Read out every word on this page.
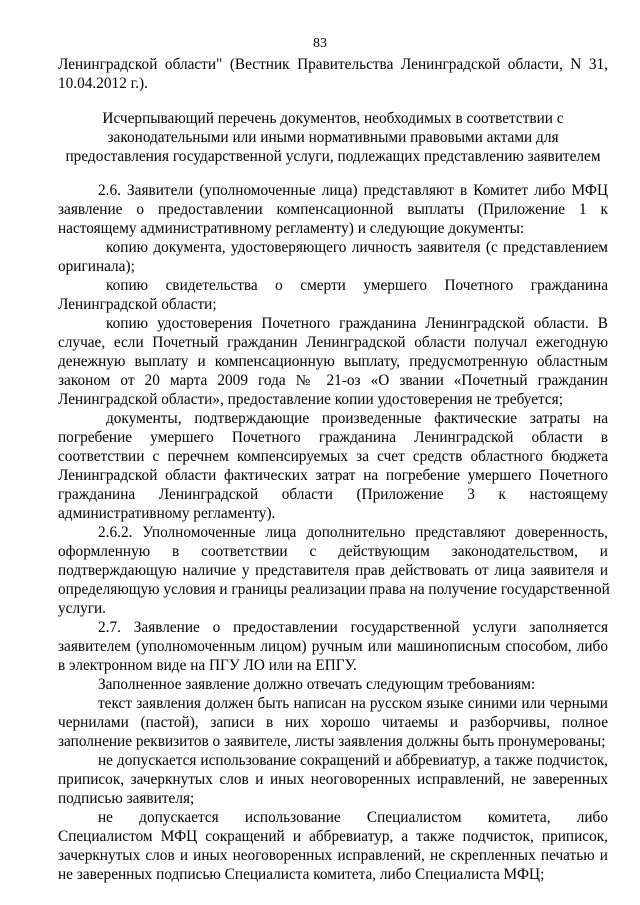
83
Ленинградской области" (Вестник Правительства Ленинградской области, N 31,
10.04.2012 г.).
Исчерпывающий перечень документов, необходимых в соответствии с
законодательными или иными нормативными правовыми актами для
предоставления государственной услуги, подлежащих представлению заявителем
2.6. Заявители (уполномоченные лица) представляют в Комитет либо МФЦ
заявление о предоставлении компенсационной выплаты (Приложение 1 к
настоящему административному регламенту) и следующие документы:
копию документа, удостоверяющего личность заявителя (с представлением
оригинала);
копию свидетельства о смерти умершего Почетного гражданина
Ленинградской области;
копию удостоверения Почетного гражданина Ленинградской области. В
случае, если Почетный гражданин Ленинградской области получал ежегодную
денежную выплату и компенсационную выплату, предусмотренную областным
законом от 20 марта 2009 года № 21-оз «О звании «Почетный гражданин
Ленинградской области», предоставление копии удостоверения не требуется;
документы, подтверждающие произведенные фактические затраты на
погребение умершего Почетного гражданина Ленинградской области в
соответствии с перечнем компенсируемых за счет средств областного бюджета
Ленинградской области фактических затрат на погребение умершего Почетного
гражданина Ленинградской области (Приложение 3 к настоящему
административному регламенту).
2.6.2. Уполномоченные лица дополнительно представляют доверенность,
оформленную в соответствии с действующим законодательством, и
подтверждающую наличие у представителя прав действовать от лица заявителя и
определяющую условия и границы реализации права на получение государственной
услуги.
2.7. Заявление о предоставлении государственной услуги заполняется
заявителем (уполномоченным лицом) ручным или машинописным способом, либо
в электронном виде на ПГУ ЛО или на ЕПГУ.
Заполненное заявление должно отвечать следующим требованиям:
текст заявления должен быть написан на русском языке синими или черными
чернилами (пастой), записи в них хорошо читаемы и разборчивы, полное
заполнение реквизитов о заявителе, листы заявления должны быть пронумерованы;
не допускается использование сокращений и аббревиатур, а также подчисток,
приписок, зачеркнутых слов и иных неоговоренных исправлений, не заверенных
подписью заявителя;
не допускается использование Специалистом комитета, либо
Специалистом МФЦ сокращений и аббревиатур, а также подчисток, приписок,
зачеркнутых слов и иных неоговоренных исправлений, не скрепленных печатью и
не заверенных подписью Специалиста комитета, либо Специалиста МФЦ;
